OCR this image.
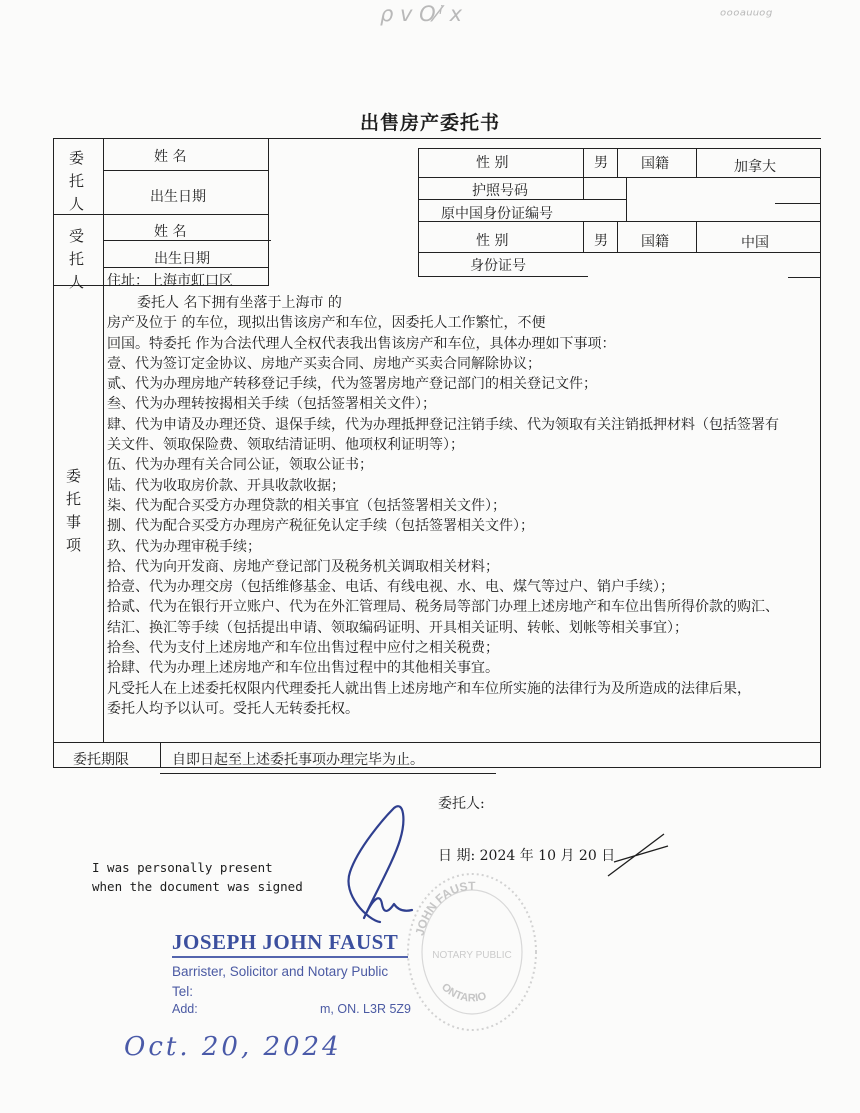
ρ v O⁄ⁱ x	ᵒᵒᵒᵃᵘᵘᵒᵍ
出售房产委托书
委托人	姓 名
出生日期
性 别	男 国籍	加拿大
护照号码
原中国身份证编号
受托人	姓 名
出生日期
性 别	男 国籍	中国
身份证号
住址：上海市虹口区
委托事项

委托人 名下拥有坐落于上海市 的

房产及位于 的车位，现拟出售该房产和车位，因委托人工作繁忙，不便

回国。特委托 作为合法代理人全权代表我出售该房产和车位，具体办理如下事项：

壹、代为签订定金协议、房地产买卖合同、房地产买卖合同解除协议；

贰、代为办理房地产转移登记手续，代为签署房地产登记部门的相关登记文件；

叁、代为办理转按揭相关手续（包括签署相关文件）；

肆、代为申请及办理还贷、退保手续，代为办理抵押登记注销手续、代为领取有关注销抵押材料（包括签署有

关文件、领取保险费、领取结清证明、他项权利证明等）；

伍、代为办理有关合同公证，领取公证书；

陆、代为收取房价款、开具收款收据；

柒、代为配合买受方办理贷款的相关事宜（包括签署相关文件）；

捌、代为配合买受方办理房产税征免认定手续（包括签署相关文件）；

玖、代为办理审税手续；

拾、代为向开发商、房地产登记部门及税务机关调取相关材料；

拾壹、代为办理交房（包括维修基金、电话、有线电视、水、电、煤气等过户、销户手续）；

拾贰、代为在银行开立账户、代为在外汇管理局、税务局等部门办理上述房地产和车位出售所得价款的购汇、

结汇、换汇等手续（包括提出申请、领取编码证明、开具相关证明、转帐、划帐等相关事宜）；

拾叁、代为支付上述房地产和车位出售过程中应付之相关税费；

拾肆、代为办理上述房地产和车位出售过程中的其他相关事宜。

凡受托人在上述委托权限内代理委托人就出售上述房地产和车位所实施的法律行为及所造成的法律后果，

委托人均予以认可。受托人无转委托权。

委托期限	自即日起至上述委托事项办理完毕为止。
委托人:
日 期: 2024 年 10 月 20 日
I was personally present
when the document was signed
JOHN FAUST
ONTARIO
NOTARY PUBLIC
JOSEPH JOHN FAUST
Barrister, Solicitor and Notary Public
Tel:
Add:	m, ON. L3R 5Z9
Oct. 20, 2024
